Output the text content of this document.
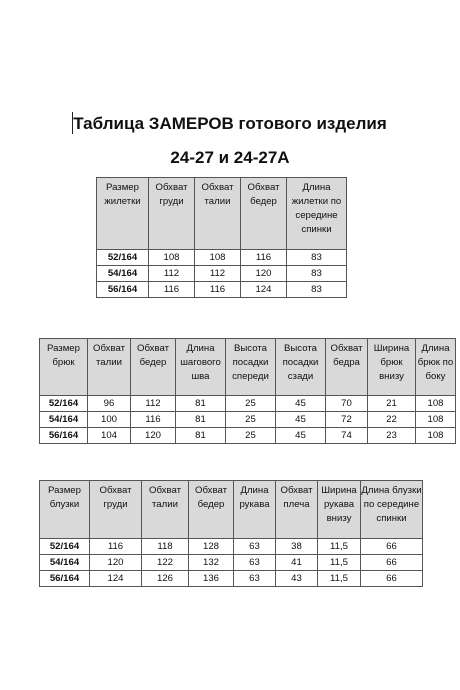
Таблица ЗАМЕРОВ готового изделия
24-27 и 24-27А
Размер жилетки	Обхват груди	Обхват талии	Обхват бедер	Длина жилетки по середине спинки
52/164	108	108	116	83
54/164	112	112	120	83
56/164	116	116	124	83
Размер брюк	Обхват талии	Обхват бедер	Длина шагового шва	Высота посадки спереди	Высота посадки сзади	Обхват бедра	Ширина брюк внизу	Длина брюк по боку
52/164	96	112	81	25	45	70	21	108
54/164	100	116	81	25	45	72	22	108
56/164	104	120	81	25	45	74	23	108
Размер блузки	Обхват груди	Обхват талии	Обхват бедер	Длина рукава	Обхват плеча	Ширина рукава внизу	Длина блузки по середине спинки
52/164	116	118	128	63	38	11,5	66
54/164	120	122	132	63	41	11,5	66
56/164	124	126	136	63	43	11,5	66
